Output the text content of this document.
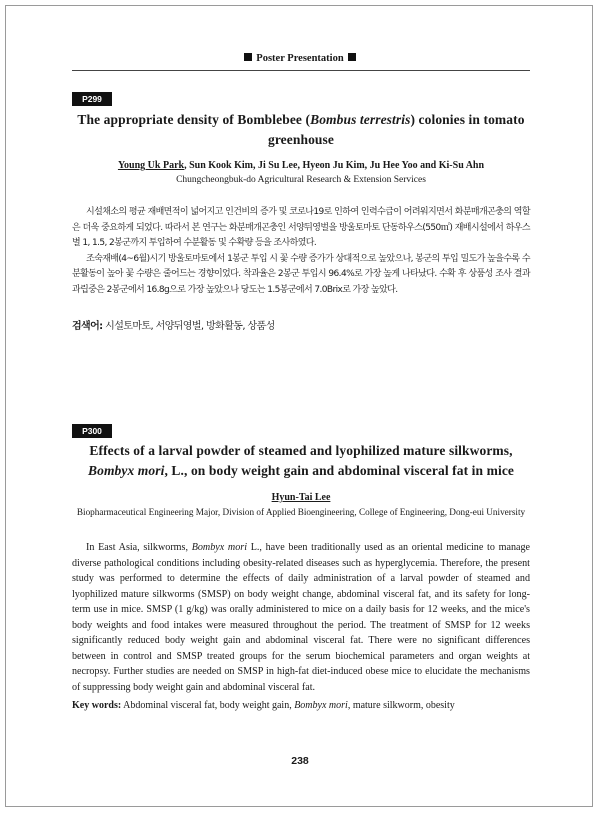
Poster Presentation
P299
The appropriate density of Bomblebee (Bombus terrestris) colonies in tomato greenhouse
Young Uk Park, Sun Kook Kim, Ji Su Lee, Hyeon Ju Kim, Ju Hee Yoo and Ki-Su Ahn
Chungcheongbuk-do Agricultural Research & Extension Services

시설채소의 평균 재배면적이 넓어지고 인건비의 증가 및 코로나19로 인하여 인력수급이 어려워지면서 화분매개곤충의 역할은 더욱 중요하게 되었다. 따라서 본 연구는 화분매개곤충인 서양뒤영벌을 방울토마토 단동하우스(550㎡) 재배시설에서 하우스별 1, 1.5, 2봉군까지 투입하여 수분활동 및 수확량 등을 조사하였다.

조숙재배(4~6월)시기 방울토마토에서 1봉군 투입 시 꽃 수량 증가가 상대적으로 높았으나, 봉군의 투입 밀도가 높을수록 수분활동이 높아 꽃 수량은 줄어드는 경향이었다. 착과율은 2봉군 투입시 96.4%로 가장 높게 나타났다. 수확 후 상품성 조사 결과 과립중은 2봉군에서 16.8g으로 가장 높았으나 당도는 1.5봉군에서 7.0Brix로 가장 높았다.

검색어: 시설토마토, 서양뒤영벌, 방화활동, 상품성
P300
Effects of a larval powder of steamed and lyophilized mature silkworms, Bombyx mori, L., on body weight gain and abdominal visceral fat in mice
Hyun-Tai Lee
Biopharmaceutical Engineering Major, Division of Applied Bioengineering, College of Engineering, Dong-eui University

In East Asia, silkworms, Bombyx mori L., have been traditionally used as an oriental medicine to manage diverse pathological conditions including obesity-related diseases such as hyperglycemia. Therefore, the present study was performed to determine the effects of daily administration of a larval powder of steamed and lyophilized mature silkworms (SMSP) on body weight change, abdominal visceral fat, and its safety for long-term use in mice. SMSP (1 g/kg) was orally administered to mice on a daily basis for 12 weeks, and the mice's body weights and food intakes were measured throughout the period. The treatment of SMSP for 12 weeks significantly reduced body weight gain and abdominal visceral fat. There were no significant differences between in control and SMSP treated groups for the serum biochemical parameters and organ weights at necropsy. Further studies are needed on SMSP in high-fat diet-induced obese mice to elucidate the mechanisms of suppressing body weight gain and abdominal visceral fat.

Key words: Abdominal visceral fat, body weight gain, Bombyx mori, mature silkworm, obesity
238
